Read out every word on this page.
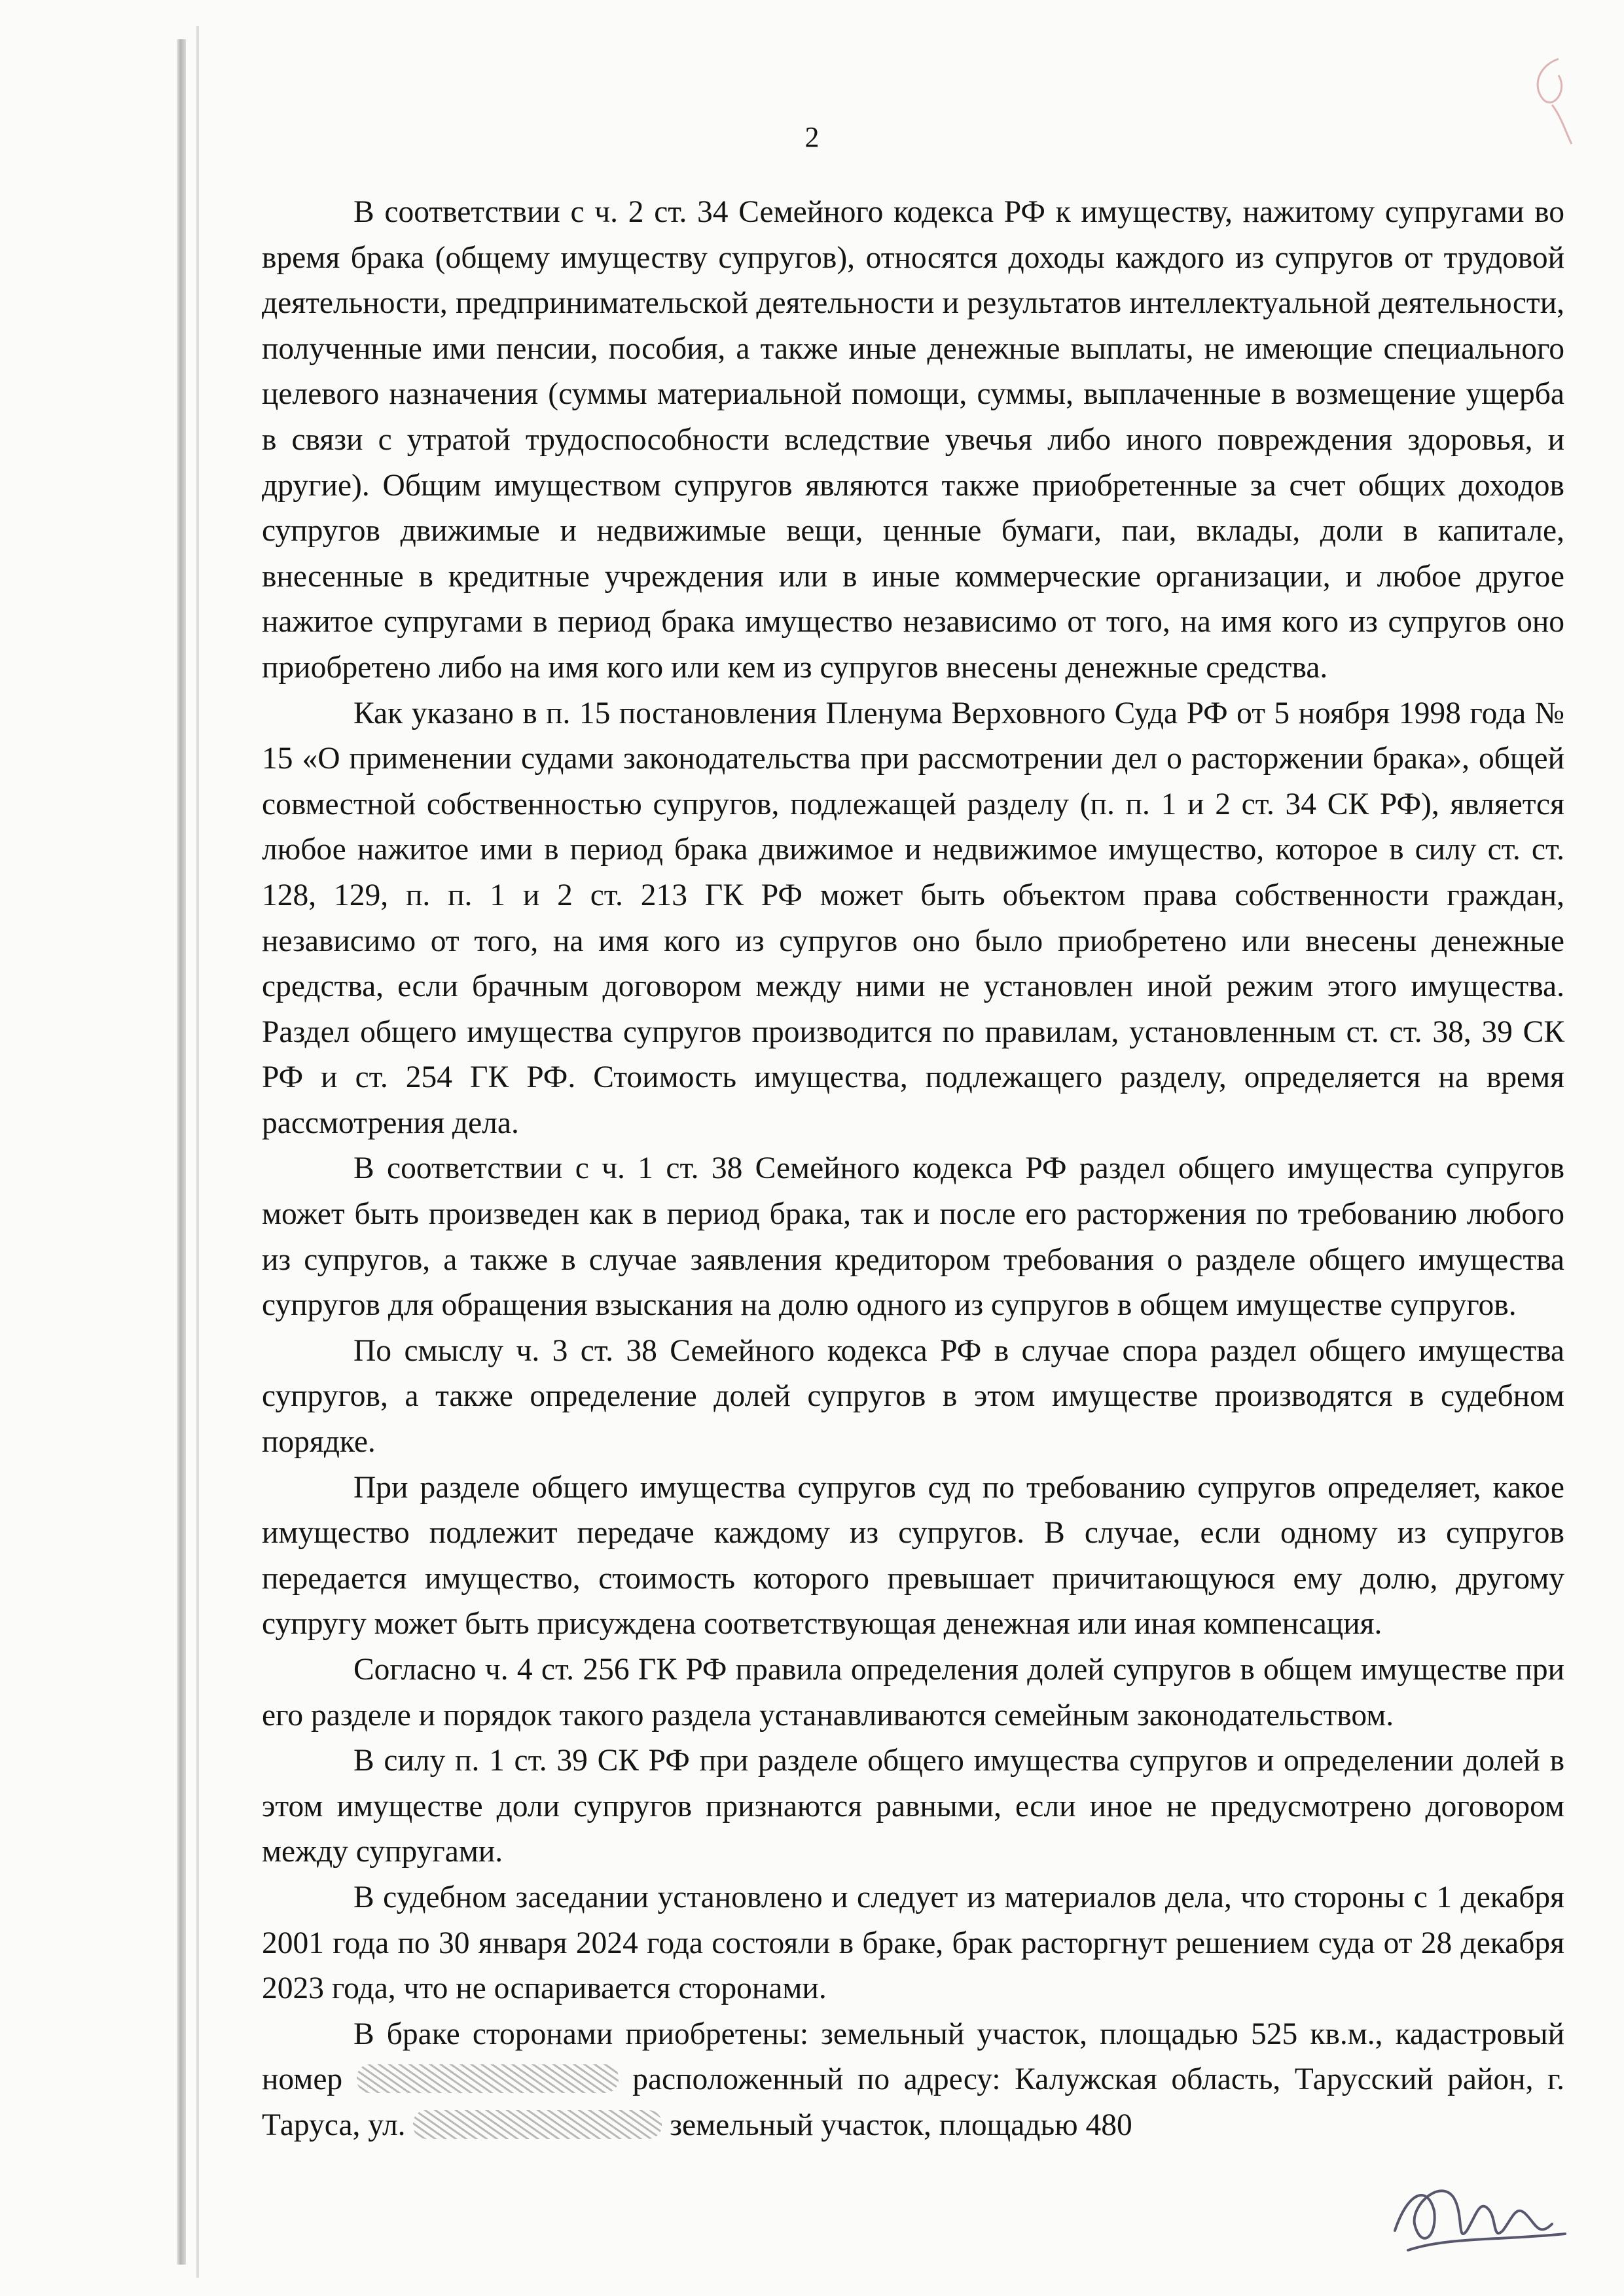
2

В соответствии с ч. 2 ст. 34 Семейного кодекса РФ к имуществу, нажитому супругами во время брака (общему имуществу супругов), относятся доходы каждого из супругов от трудовой деятельности, предпринимательской деятельности и результатов интеллектуальной деятельности, полученные ими пенсии, пособия, а также иные денежные выплаты, не имеющие специального целевого назначения (суммы материальной помощи, суммы, выплаченные в возмещение ущерба в связи с утратой трудоспособности вследствие увечья либо иного повреждения здоровья, и другие). Общим имуществом супругов являются также приобретенные за счет общих доходов супругов движимые и недвижимые вещи, ценные бумаги, паи, вклады, доли в капитале, внесенные в кредитные учреждения или в иные коммерческие организации, и любое другое нажитое супругами в период брака имущество независимо от того, на имя кого из супругов оно приобретено либо на имя кого или кем из супругов внесены денежные средства.

Как указано в п. 15 постановления Пленума Верховного Суда РФ от 5 ноября 1998 года № 15 «О применении судами законодательства при рассмотрении дел о расторжении брака», общей совместной собственностью супругов, подлежащей разделу (п. п. 1 и 2 ст. 34 СК РФ), является любое нажитое ими в период брака движимое и недвижимое имущество, которое в силу ст. ст. 128, 129, п. п. 1 и 2 ст. 213 ГК РФ может быть объектом права собственности граждан, независимо от того, на имя кого из супругов оно было приобретено или внесены денежные средства, если брачным договором между ними не установлен иной режим этого имущества. Раздел общего имущества супругов производится по правилам, установленным ст. ст. 38, 39 СК РФ и ст. 254 ГК РФ. Стоимость имущества, подлежащего разделу, определяется на время рассмотрения дела.

В соответствии с ч. 1 ст. 38 Семейного кодекса РФ раздел общего имущества супругов может быть произведен как в период брака, так и после его расторжения по требованию любого из супругов, а также в случае заявления кредитором требования о разделе общего имущества супругов для обращения взыскания на долю одного из супругов в общем имуществе супругов.

По смыслу ч. 3 ст. 38 Семейного кодекса РФ в случае спора раздел общего имущества супругов, а также определение долей супругов в этом имуществе производятся в судебном порядке.

При разделе общего имущества супругов суд по требованию супругов определяет, какое имущество подлежит передаче каждому из супругов. В случае, если одному из супругов передается имущество, стоимость которого превышает причитающуюся ему долю, другому супругу может быть присуждена соответствующая денежная или иная компенсация.

Согласно ч. 4 ст. 256 ГК РФ правила определения долей супругов в общем имуществе при его разделе и порядок такого раздела устанавливаются семейным законодательством.

В силу п. 1 ст. 39 СК РФ при разделе общего имущества супругов и определении долей в этом имуществе доли супругов признаются равными, если иное не предусмотрено договором между супругами.

В судебном заседании установлено и следует из материалов дела, что стороны с 1 декабря 2001 года по 30 января 2024 года состояли в браке, брак расторгнут решением суда от 28 декабря 2023 года, что не оспаривается сторонами.

В браке сторонами приобретены: земельный участок, площадью 525 кв.м., кадастровый номер	расположенный по адресу: Калужская область, Тарусский район, г. Таруса, ул.	земельный участок, площадью 480
